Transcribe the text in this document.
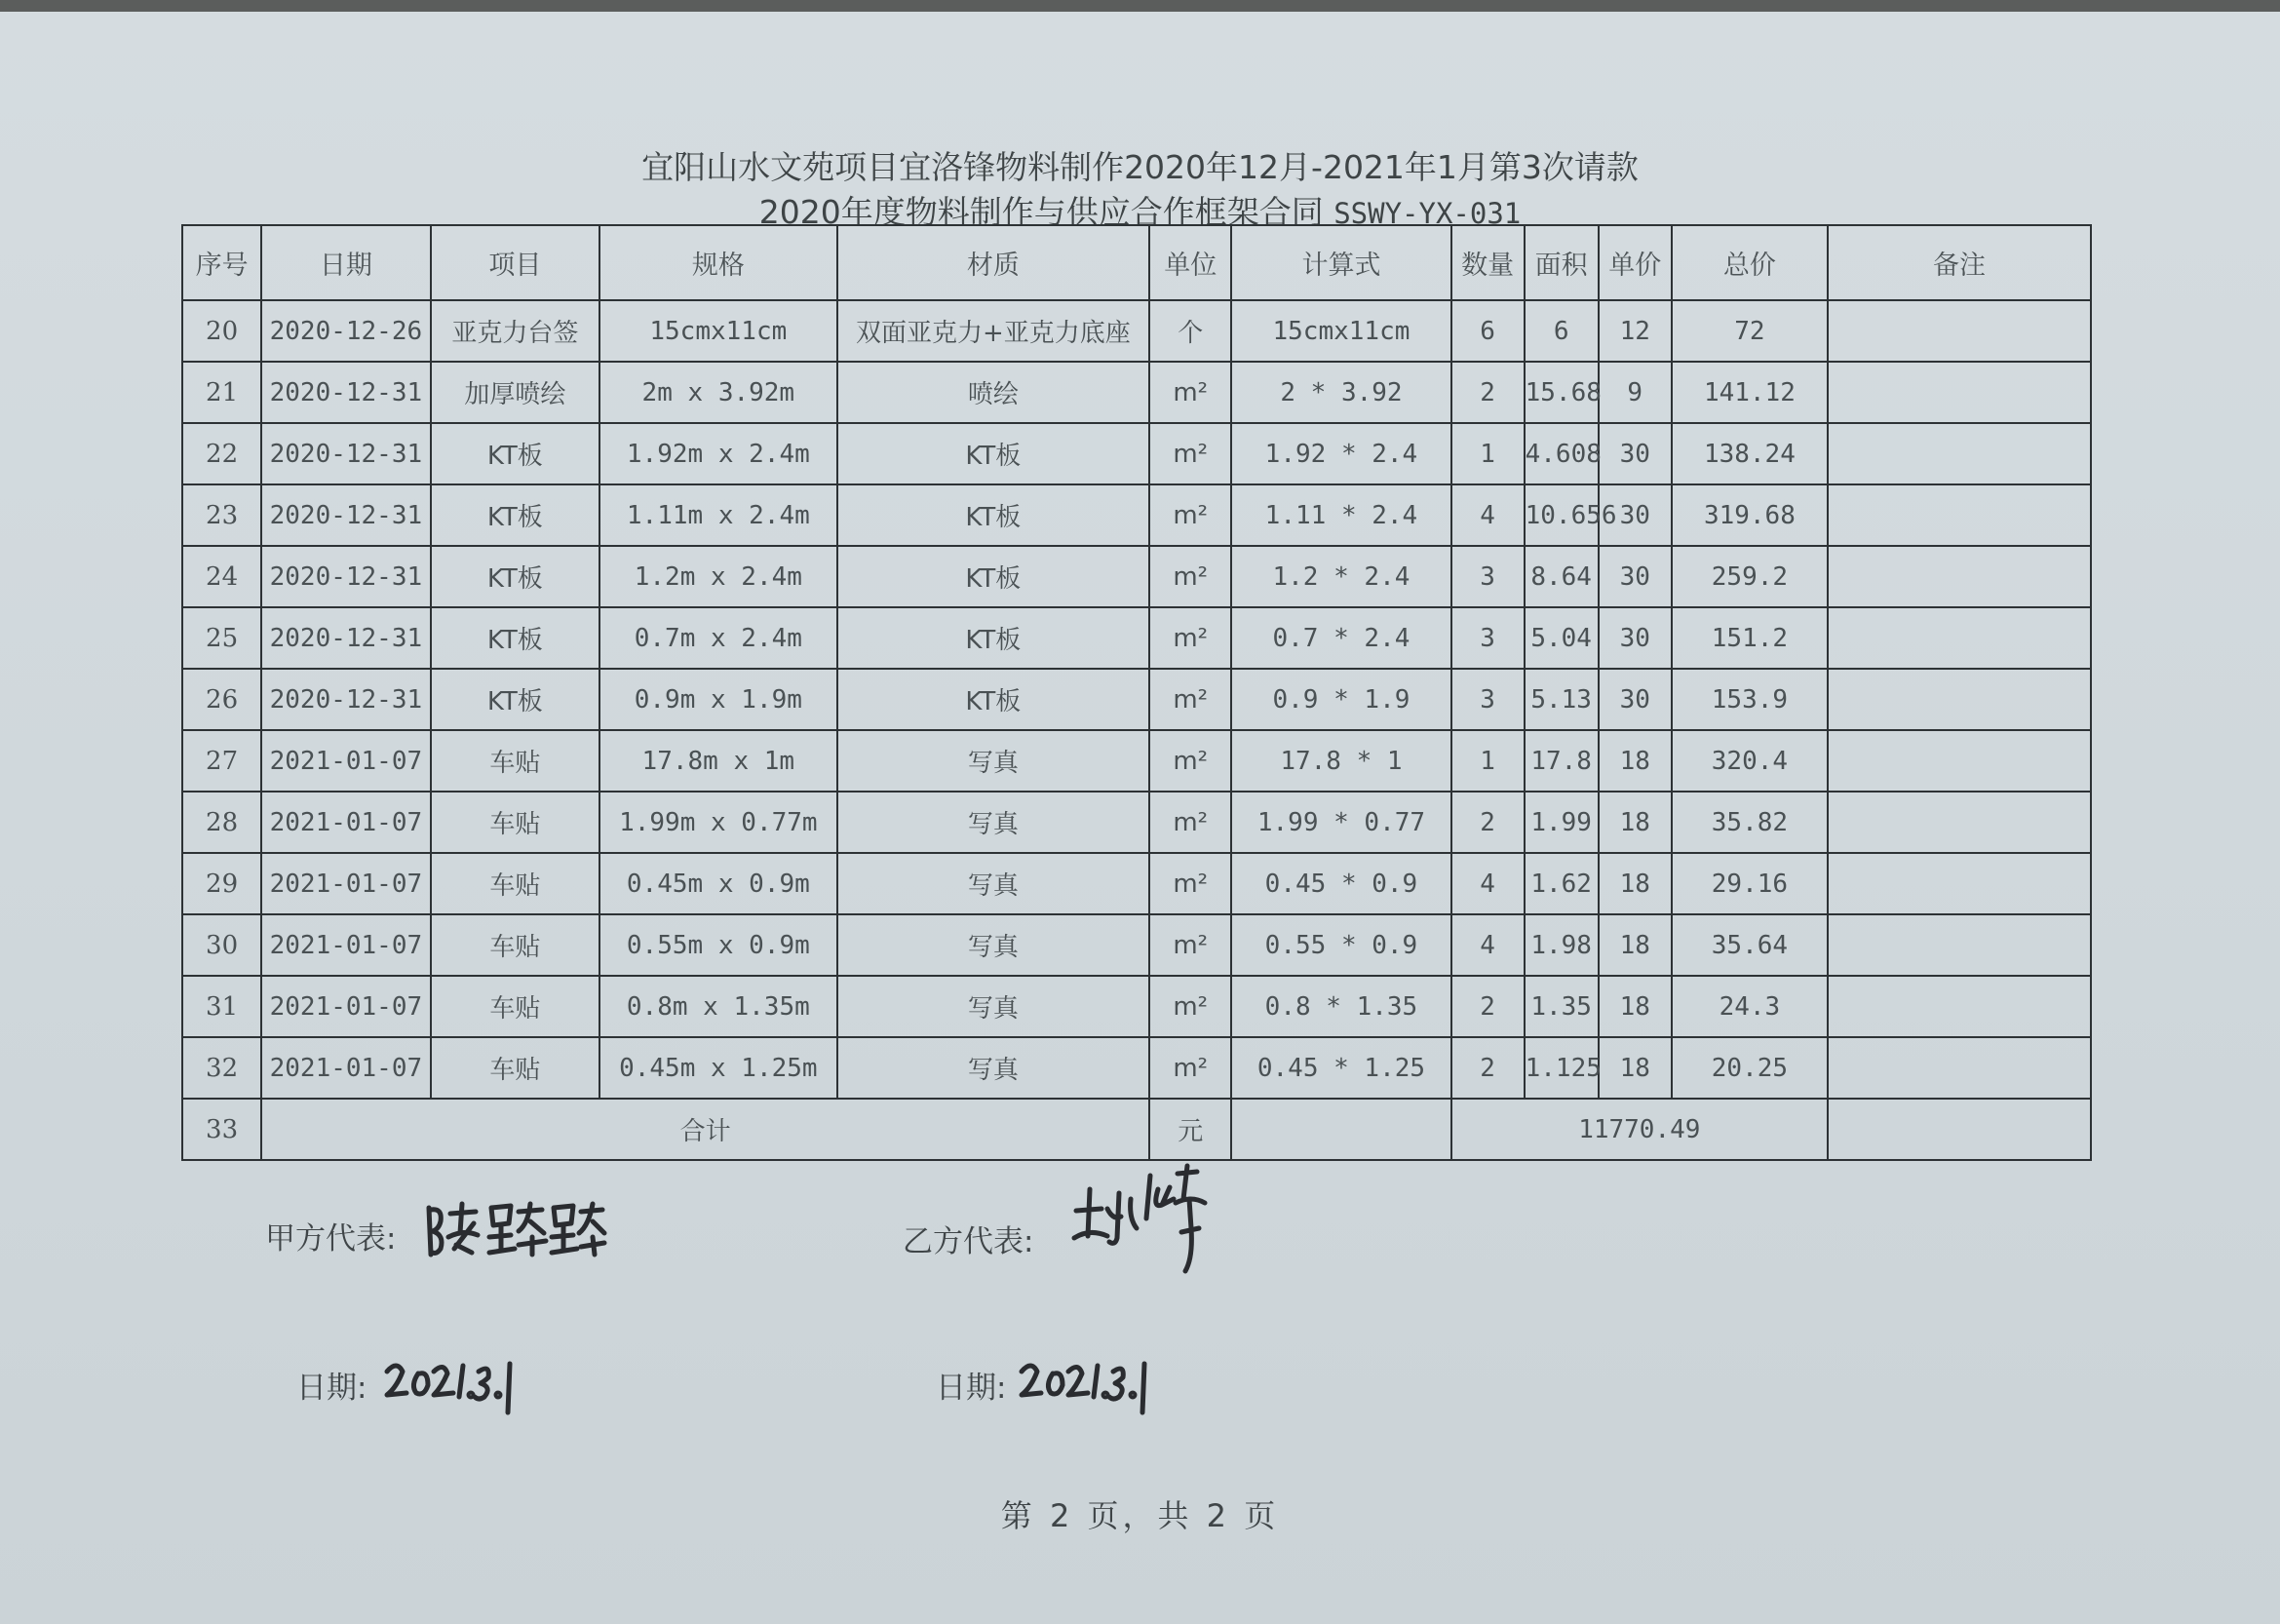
宜阳山水文苑项目宜洛锋物料制作2020年12月-2021年1月第3次请款
2020年度物料制作与供应合作框架合同 SSWY-YX-031
序号	日期	项目	规格	材质	单位	计算式	数量	面积	单价	总价	备注
20	2020-12-26	亚克力台签	15cmx11cm	双面亚克力+亚克力底座	个	15cmx11cm	6	6	12	72	
21	2020-12-31	加厚喷绘	2m x 3.92m	喷绘	m²	2 * 3.92	2	15.68	9	141.12	
22	2020-12-31	KT板	1.92m x 2.4m	KT板	m²	1.92 * 2.4	1	4.608	30	138.24	
23	2020-12-31	KT板	1.11m x 2.4m	KT板	m²	1.11 * 2.4	4	10.656	30	319.68	
24	2020-12-31	KT板	1.2m x 2.4m	KT板	m²	1.2 * 2.4	3	8.64	30	259.2	
25	2020-12-31	KT板	0.7m x 2.4m	KT板	m²	0.7 * 2.4	3	5.04	30	151.2	
26	2020-12-31	KT板	0.9m x 1.9m	KT板	m²	0.9 * 1.9	3	5.13	30	153.9	
27	2021-01-07	车贴	17.8m x 1m	写真	m²	17.8 * 1	1	17.8	18	320.4	
28	2021-01-07	车贴	1.99m x 0.77m	写真	m²	1.99 * 0.77	2	1.99	18	35.82	
29	2021-01-07	车贴	0.45m x 0.9m	写真	m²	0.45 * 0.9	4	1.62	18	29.16	
30	2021-01-07	车贴	0.55m x 0.9m	写真	m²	0.55 * 0.9	4	1.98	18	35.64	
31	2021-01-07	车贴	0.8m x 1.35m	写真	m²	0.8 * 1.35	2	1.35	18	24.3	
32	2021-01-07	车贴	0.45m x 1.25m	写真	m²	0.45 * 1.25	2	1.125	18	20.25	
33	合计				元		11770.49				
甲方代表:	乙方代表:
日期:	日期:
第 2 页，共 2 页
